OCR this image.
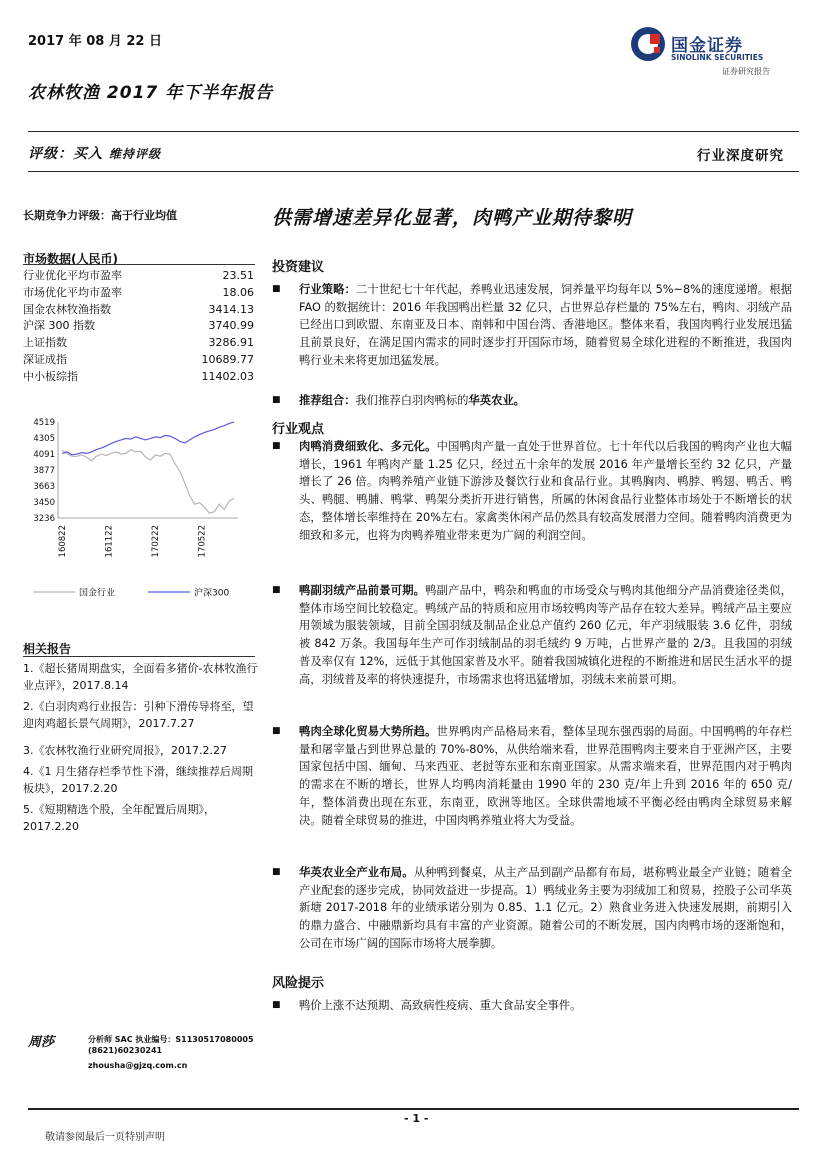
2017 年 08 月 22 日
农林牧渔 2017 年下半年报告
国金证券
SINOLINK SECURITIES
证券研究报告
评级：买入 维持评级	行业深度研究
长期竞争力评级：高于行业均值
市场数据(人民币)
行业优化平均市盈率	23.51
市场优化平均市盈率	18.06
国金农林牧渔指数	3414.13
沪深 300 指数	3740.99
上证指数	3286.91
深证成指	10689.77
中小板综指	11402.03
4519
4305
4091
3877
3663
3450
3236
160822	161122	170222	170522
国金行业	沪深300
相关报告
1.《超长猪周期盘实，全面看多猪价-农林牧渔行业点评》，2017.8.14
2.《白羽肉鸡行业报告：引种下滑传导将至，望迎肉鸡超长景气周期》，2017.7.27
3.《农林牧渔行业研究周报》，2017.2.27
4.《1 月生猪存栏季节性下滑，继续推荐后周期板块》，2017.2.20
5.《短期精选个股，全年配置后周期》，2017.2.20
供需增速差异化显著，肉鸭产业期待黎明
投资建议
■ 行业策略：二十世纪七十年代起，养鸭业迅速发展，饲养量平均每年以 5%~8%的速度递增。根据 FAO 的数据统计：2016 年我国鸭出栏量 32 亿只，占世界总存栏量的 75%左右，鸭肉、羽绒产品已经出口到欧盟、东南亚及日本、南韩和中国台湾、香港地区。整体来看，我国肉鸭行业发展迅猛且前景良好，在满足国内需求的同时逐步打开国际市场，随着贸易全球化进程的不断推进，我国肉鸭行业未来将更加迅猛发展。
■ 推荐组合：我们推荐白羽肉鸭标的华英农业。
行业观点
■ 肉鸭消费细致化、多元化。中国鸭肉产量一直处于世界首位。七十年代以后我国的鸭肉产业也大幅增长，1961 年鸭肉产量 1.25 亿只，经过五十余年的发展 2016 年产量增长至约 32 亿只，产量增长了 26 倍。肉鸭养殖产业链下游涉及餐饮行业和食品行业。其鸭胸肉、鸭脖、鸭翅、鸭舌、鸭头、鸭腿、鸭脯、鸭掌、鸭架分类折开进行销售，所属的休闲食品行业整体市场处于不断增长的状态，整体增长率维持在 20%左右。家禽类休闲产品仍然具有较高发展潜力空间。随着鸭肉消费更为细致和多元，也将为肉鸭养殖业带来更为广阔的利润空间。
■ 鸭副羽绒产品前景可期。鸭副产品中，鸭杂和鸭血的市场受众与鸭肉其他细分产品消费途径类似，整体市场空间比较稳定。鸭绒产品的特质和应用市场较鸭肉等产品存在较大差异。鸭绒产品主要应用领域为服装领域，目前全国羽绒及制品企业总产值约 260 亿元，年产羽绒服装 3.6 亿件，羽绒被 842 万条。我国每年生产可作羽绒制品的羽毛绒约 9 万吨，占世界产量的 2/3。且我国的羽绒普及率仅有 12%，远低于其他国家普及水平。随着我国城镇化进程的不断推进和居民生活水平的提高，羽绒普及率的将快速提升，市场需求也将迅猛增加，羽绒未来前景可期。
■ 鸭肉全球化贸易大势所趋。世界鸭肉产品格局来看，整体呈现东强西弱的局面。中国鸭鸭的年存栏量和屠宰量占到世界总量的 70%-80%，从供给端来看，世界范围鸭肉主要来自于亚洲产区，主要国家包括中国、缅甸、马来西亚、老挝等东亚和东南亚国家。从需求端来看，世界范围内对于鸭肉的需求在不断的增长，世界人均鸭肉消耗量由 1990 年的 230 克/年上升到 2016 年的 650 克/年，整体消费出现在东亚，东南亚，欧洲等地区。全球供需地域不平衡必经由鸭肉全球贸易来解决。随着全球贸易的推进，中国肉鸭养殖业将大为受益。
■ 华英农业全产业布局。从种鸭到餐桌，从主产品到副产品都有布局，堪称鸭业最全产业链；随着全产业配套的逐步完成，协同效益进一步提高。1）鸭绒业务主要为羽绒加工和贸易，控股子公司华英新塘 2017-2018 年的业绩承诺分别为 0.85、1.1 亿元。2）熟食业务进入快速发展期，前期引入的鼎力盛合、中融鼎新均具有丰富的产业资源。随着公司的不断发展，国内肉鸭市场的逐渐饱和，公司在市场广阔的国际市场将大展拳脚。
风险提示
■ 鸭价上涨不达预期、高致病性疫病、重大食品安全事件。
周莎	分析师 SAC 执业编号：S1130517080005
(8621)60230241
zhousha@gjzq.com.cn
- 1 -
敬请参阅最后一页特别声明
